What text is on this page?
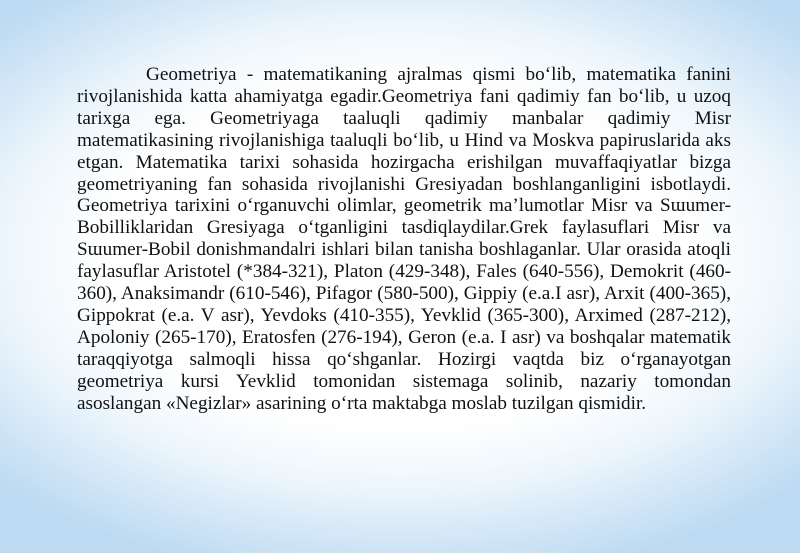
Geometriya - matematikaning ajralmas qismi bo‘lib, matematika fanini rivojlanishida katta ahamiyatga egadir.Geometriya fani qadimiy fan bo‘lib, u uzoq tarixga ega. Geometriyaga taaluqli qadimiy manbalar qadimiy Misr matematikasining rivojlanishiga taaluqli bo‘lib, u Hind va Moskva papiruslarida aks etgan. Matematika tarixi sohasida hozirgacha erishilgan muvaffaqiyatlar bizga geometriyaning fan sohasida rivojlanishi Gresiyadan boshlanganligini isbotlaydi. Geometriya tarixini o‘rganuvchi olimlar, geometrik ma’lumotlar Misr va Sɯumer-Bobilliklaridan Gresiyaga o‘tganligini tasdiqlaydilar.Grek faylasuflari Misr va Sɯumer-Bobil donishmandalri ishlari bilan tanisha boshlaganlar. Ular orasida atoqli faylasuflar Aristotel (*384-321), Platon (429-348), Fales (640-556), Demokrit (460-360), Anaksimandr (610-546), Pifagor (580-500), Gippiy (e.a.I asr), Arxit (400-365), Gippokrat (e.a. V asr), Yevdoks (410-355), Yevklid (365-300), Arximed (287-212), Apoloniy (265-170), Eratosfen (276-194), Geron (e.a. I asr) va boshqalar matematik taraqqiyotga salmoqli hissa qo‘shganlar. Hozirgi vaqtda biz o‘rganayotgan geometriya kursi Yevklid tomonidan sistemaga solinib, nazariy tomondan asoslangan «Negizlar» asarining o‘rta maktabga moslab tuzilgan qismidir.
